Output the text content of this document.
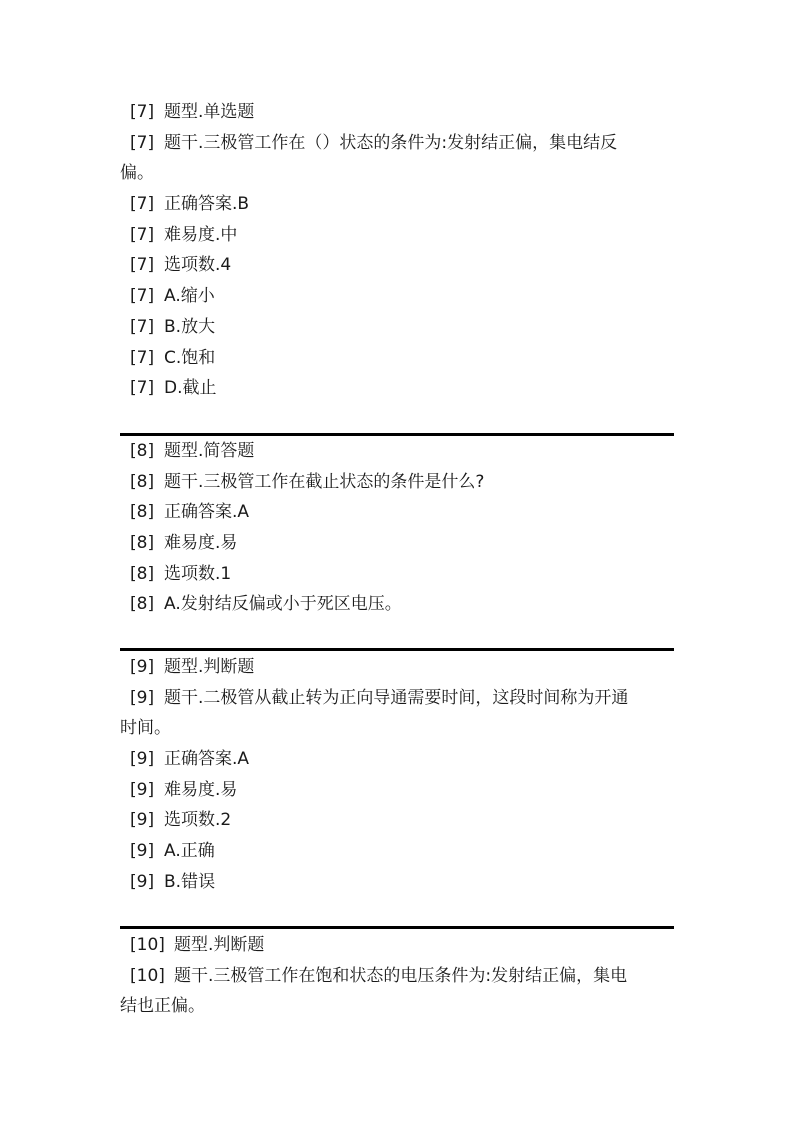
[7] 题型.单选题
[7] 题干.三极管工作在（）状态的条件为:发射结正偏，集电结反
偏。
[7] 正确答案.B
[7] 难易度.中
[7] 选项数.4
[7] A.缩小
[7] B.放大
[7] C.饱和
[7] D.截止
[8] 题型.简答题
[8] 题干.三极管工作在截止状态的条件是什么?
[8] 正确答案.A
[8] 难易度.易
[8] 选项数.1
[8] A.发射结反偏或小于死区电压。
[9] 题型.判断题
[9] 题干.二极管从截止转为正向导通需要时间，这段时间称为开通
时间。
[9] 正确答案.A
[9] 难易度.易
[9] 选项数.2
[9] A.正确
[9] B.错误
[10] 题型.判断题
[10] 题干.三极管工作在饱和状态的电压条件为:发射结正偏，集电
结也正偏。
